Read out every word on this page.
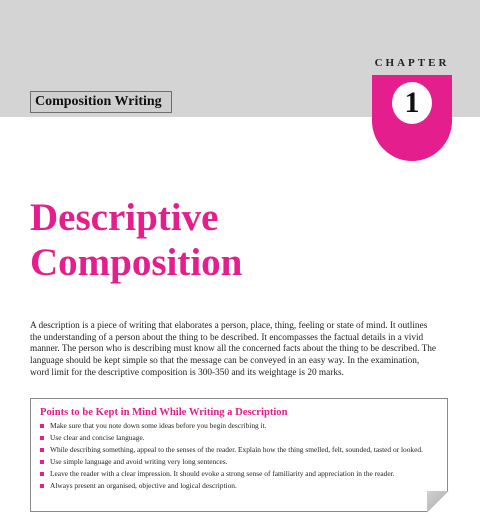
Composition Writing
CHAPTER
1
Descriptive
Composition

A description is a piece of writing that elaborates a person, place, thing, feeling or state of mind. It outlines the understanding of a person about the thing to be described. It encompasses the factual details in a vivid manner. The person who is describing must know all the concerned facts about the thing to be described. The language should be kept simple so that the message can be conveyed in an easy way. In the examination, word limit for the descriptive composition is 300-350 and its weightage is 20 marks.

Points to be Kept in Mind While Writing a Description
Make sure that you note down some ideas before you begin describing it.
Use clear and concise language.
While describing something, appeal to the senses of the reader. Explain how the thing smelled, felt, sounded, tasted or looked.
Use simple language and avoid writing very long sentences.
Leave the reader with a clear impression. It should evoke a strong sense of familiarity and appreciation in the reader.
Always present an organised, objective and logical description.
